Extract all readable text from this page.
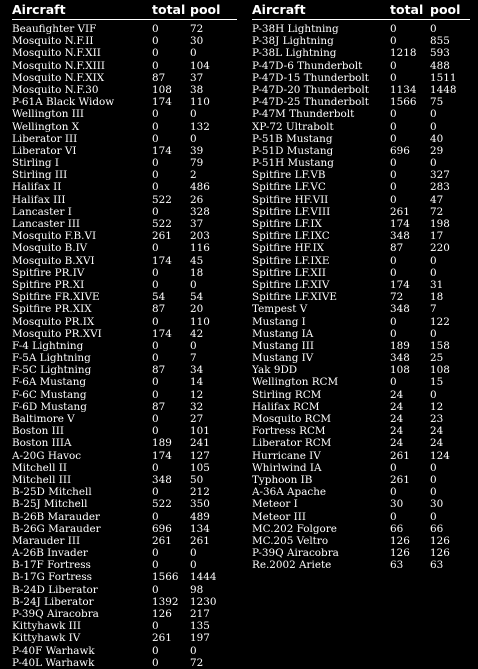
Aircraft	total pool
Beaufighter VIF	0	72
Mosquito N.F.II	0	30
Mosquito N.F.XII	0	0
Mosquito N.F.XIII	0	104
Mosquito N.F.XIX	87	37
Mosquito N.F.30	108	38
P-61A Black Widow	174	110
Wellington III	0	0
Wellington X	0	132
Liberator III	0	0
Liberator VI	174	39
Stirling I	0	79
Stirling III	0	2
Halifax II	0	486
Halifax III	522	26
Lancaster I	0	328
Lancaster III	522	37
Mosquito F.B.VI	261	203
Mosquito B.IV	0	116
Mosquito B.XVI	174	45
Spitfire PR.IV	0	18
Spitfire PR.XI	0	0
Spitfire FR.XIVE	54	54
Spitfire PR.XIX	87	20
Mosquito PR.IX	0	110
Mosquito PR.XVI	174	42
F-4 Lightning	0	0
F-5A Lightning	0	7
F-5C Lightning	87	34
F-6A Mustang	0	14
F-6C Mustang	0	12
F-6D Mustang	87	32
Baltimore V	0	27
Boston III	0	101
Boston IIIA	189	241
A-20G Havoc	174	127
Mitchell II	0	105
Mitchell III	348	50
B-25D Mitchell	0	212
B-25J Mitchell	522	350
B-26B Marauder	0	489
B-26G Marauder	696	134
Marauder III	261	261
A-26B Invader	0	0
B-17F Fortress	0	0
B-17G Fortress	1566	1444
B-24D Liberator	0	98
B-24J Liberator	1392	1230
P-39Q Airacobra	126	217
Kittyhawk III	0	135
Kittyhawk IV	261	197
P-40F Warhawk	0	0
P-40L Warhawk	0	72
Aircraft	total pool
P-38H Lightning	0	0
P-38J Lightning	0	855
P-38L Lightning	1218	593
P-47D-6 Thunderbolt	0	488
P-47D-15 Thunderbolt	0	1511
P-47D-20 Thunderbolt	1134	1448
P-47D-25 Thunderbolt	1566	75
P-47M Thunderbolt	0	0
XP-72 Ultrabolt	0	0
P-51B Mustang	0	40
P-51D Mustang	696	29
P-51H Mustang	0	0
Spitfire LF.VB	0	327
Spitfire LF.VC	0	283
Spitfire HF.VII	0	47
Spitfire LF.VIII	261	72
Spitfire LF.IX	174	198
Spitfire LF.IXC	348	17
Spitfire HF.IX	87	220
Spitfire LF.IXE	0	0
Spitfire LF.XII	0	0
Spitfire LF.XIV	174	31
Spitfire LF.XIVE	72	18
Tempest V	348	7
Mustang I	0	122
Mustang IA	0	0
Mustang III	189	158
Mustang IV	348	25
Yak 9DD	108	108
Wellington RCM	0	15
Stirling RCM	24	0
Halifax RCM	24	12
Mosquito RCM	24	23
Fortress RCM	24	24
Liberator RCM	24	24
Hurricane IV	261	124
Whirlwind IA	0	0
Typhoon IB	261	0
A-36A Apache	0	0
Meteor I	30	30
Meteor III	0	0
MC.202 Folgore	66	66
MC.205 Veltro	126	126
P-39Q Airacobra	126	126
Re.2002 Ariete	63	63
